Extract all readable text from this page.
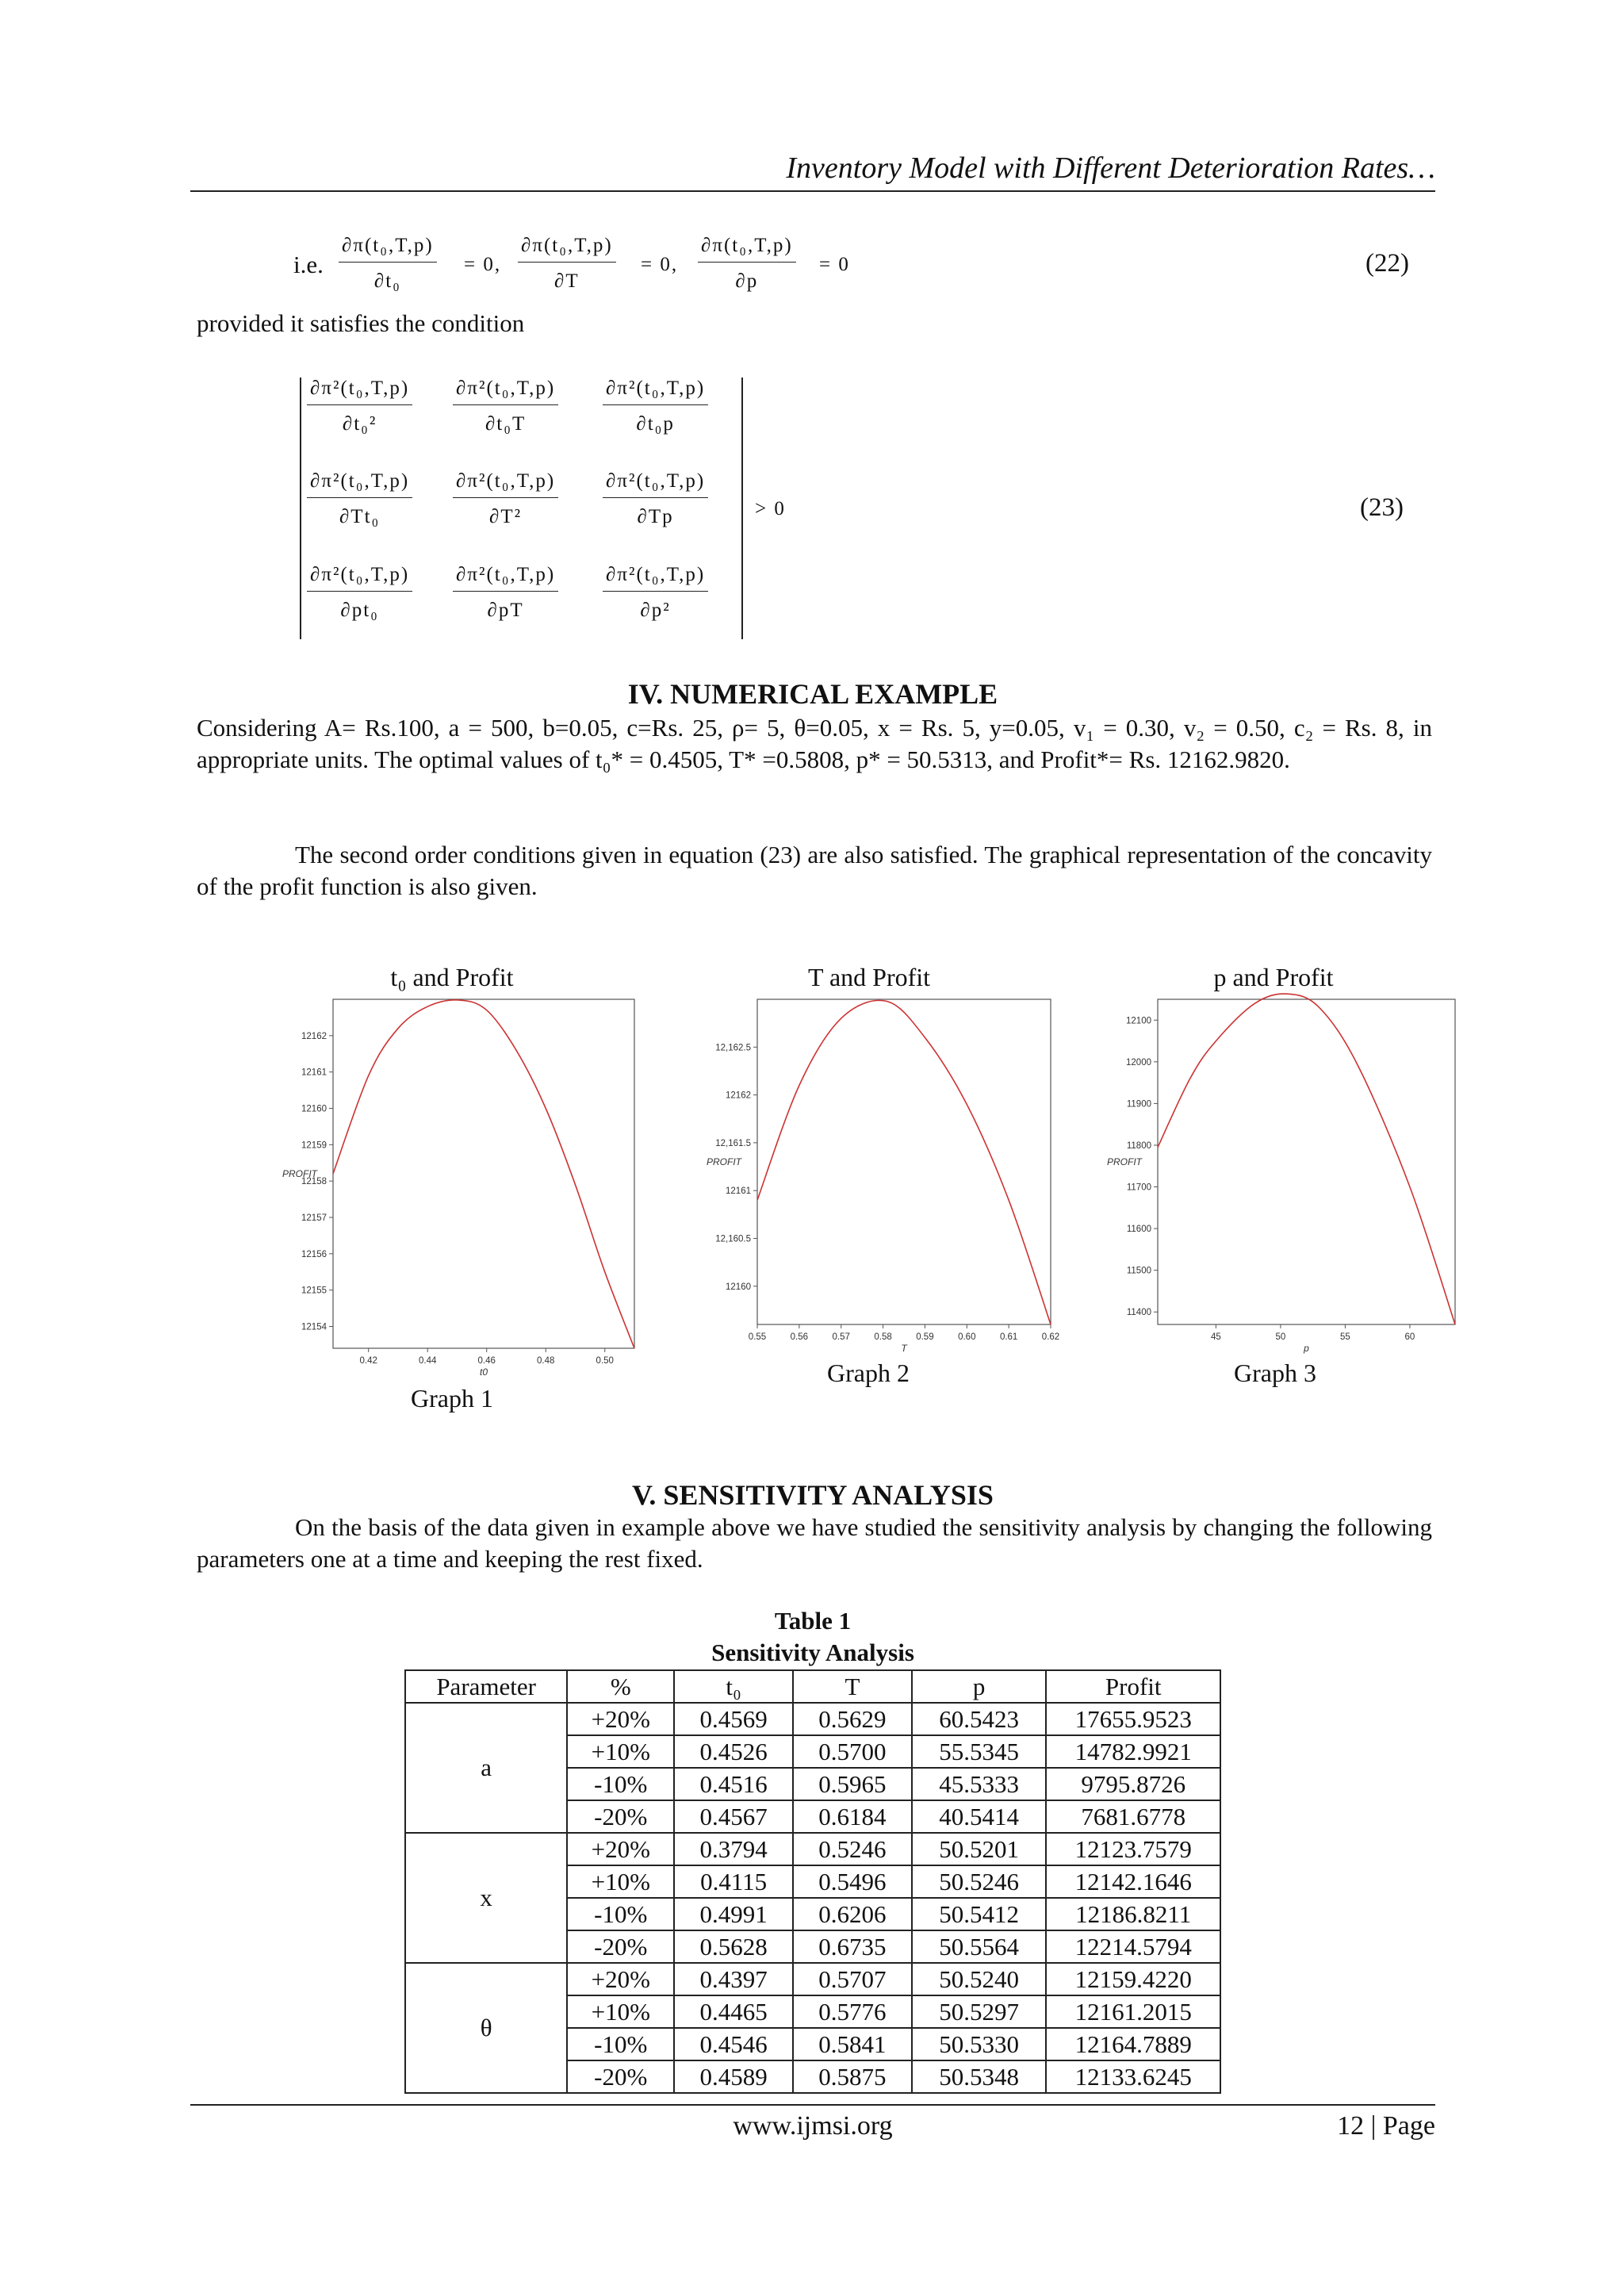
Inventory Model with Different Deterioration Rates…
i.e. $\frac{\text{∂π(t₀,T,p)}}{\text{∂t₀}} = 0$, $\frac{\text{∂π(t₀,T,p)}}{\partial T} = 0$, $\frac{\text{∂π(t₀,T,p)}}{\partial p} = 0$	(22)
provided it satisfies the condition
$\frac{\text{∂π²(t₀,T,p)}}{\text{∂t₀²}} \frac{\text{∂π²(t₀,T,p)}}{\text{∂t₀T}} \frac{\text{∂π²(t₀,T,p)}}{\text{∂t₀p}}$
$\frac{\text{∂π²(t₀,T,p)}}{\text{∂Tt₀}} \frac{\text{∂π²(t₀,T,p)}}{\text{∂T²}} \frac{\text{∂π²(t₀,T,p)}}{\partial Tp}$
$\frac{\text{∂π²(t₀,T,p)}}{\text{∂pt₀}} \frac{\text{∂π²(t₀,T,p)}}{\partial pT} \frac{\text{∂π²(t₀,T,p)}}{\text{∂p²}}$
> 0	(23)
IV. NUMERICAL EXAMPLE
Considering A= Rs.100, a = 500, b=0.05, c=Rs. 25, ρ= 5, θ=0.05, x = Rs. 5, y=0.05, v₁ = 0.30, v₂ = 0.50, c₂ = Rs. 8, in appropriate units. The optimal values of t₀* = 0.4505, T* =0.5808, p* = 50.5313, and Profit*= Rs. 12162.9820.
The second order conditions given in equation (23) are also satisfied. The graphical representation of the concavity of the profit function is also given.
t₀ and Profit	T and Profit	p and Profit
12162
12161
12160
12159
12158
12157
12156
12155
12154
0.42	0.44	0.46	0.48	0.50
t0
PROFIT
12,162.5
12162
12,161.5
12161
12,160.5
12160
0.55	0.56	0.57	0.58	0.59	0.60	0.61	0.62
T
PROFIT
12100
12000
11900
11800
11700
11600
11500
11400
45	50	55	60
p
PROFIT
Graph 1
Graph 2	Graph 3
V. SENSITIVITY ANALYSIS
On the basis of the data given in example above we have studied the sensitivity analysis by changing the following parameters one at a time and keeping the rest fixed.
Table 1
Sensitivity Analysis
Parameter	%	t₀	T	p	Profit
a	+20%	0.4569	0.5629	60.5423	17655.9523
	+10%	0.4526	0.5700	55.5345	14782.9921
	-10%	0.4516	0.5965	45.5333	9795.8726
	-20%	0.4567	0.6184	40.5414	7681.6778
x	+20%	0.3794	0.5246	50.5201	12123.7579
	+10%	0.4115	0.5496	50.5246	12142.1646
	-10%	0.4991	0.6206	50.5412	12186.8211
	-20%	0.5628	0.6735	50.5564	12214.5794
θ	+20%	0.4397	0.5707	50.5240	12159.4220
	+10%	0.4465	0.5776	50.5297	12161.2015
	-10%	0.4546	0.5841	50.5330	12164.7889
	-20%	0.4589	0.5875	50.5348	12133.6245
www.ijmsi.org	12 | Page
